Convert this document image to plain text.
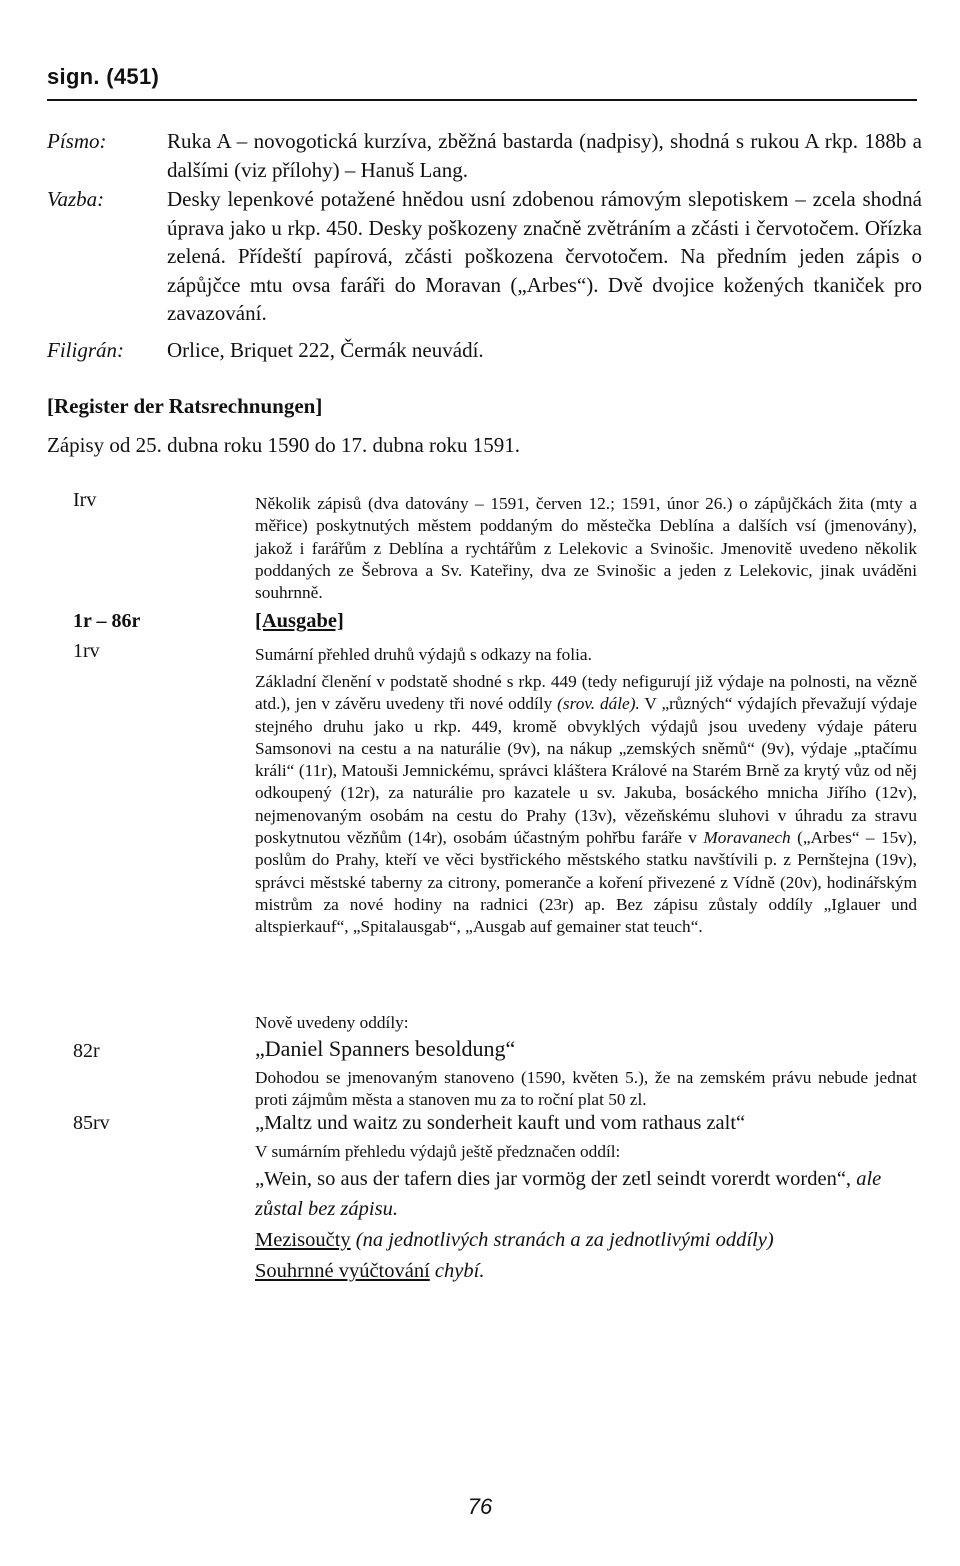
sign. (451)
Písmo:	Ruka A – novogotická kurzíva, zběžná bastarda (nadpisy), shodná s rukou A rkp. 188b a dalšími (viz přílohy) – Hanuš Lang.
Vazba:	Desky lepenkové potažené hnědou usní zdobenou rámovým slepotiskem – zcela shodná úprava jako u rkp. 450. Desky poškozeny značně zvětráním a zčásti i červotočem. Ořízka zelená. Přídeští papírová, zčásti poškozena červotočem. Na předním jeden zápis o zápůjčce mtu ovsa faráři do Moravan („Arbes“). Dvě dvojice kožených tkaniček pro zavazování.
Filigrán: Orlice, Briquet 222, Čermák neuvádí.
[Register der Ratsrechnungen]
Zápisy od 25. dubna roku 1590 do 17. dubna roku 1591.
Irv	Několik zápisů (dva datovány – 1591, červen 12.; 1591, únor 26.) o zápůjčkách žita (mty a měřice) poskytnutých městem poddaným do městečka Deblína a dalších vsí (jmenovány), jakož i farářům z Deblína a rychtářům z Lelekovic a Svinošic. Jmenovitě uvedeno několik poddaných ze Šebrova a Sv. Kateřiny, dva ze Svinošic a jeden z Lelekovic, jinak uváděni souhrnně.
1r – 86r	[Ausgabe]
1rv	Sumární přehled druhů výdajů s odkazy na folia.
Základní členění v podstatě shodné s rkp. 449 (tedy nefigurují již výdaje na polnosti, na vězně atd.), jen v závěru uvedeny tři nové oddíly (srov. dále). V „různých“ výdajích převažují výdaje stejného druhu jako u rkp. 449, kromě obvyklých výdajů jsou uvedeny výdaje páteru Samsonovi na cestu a na naturálie (9v), na nákup „zemských sněmů“ (9v), výdaje „ptačímu králi“ (11r), Matouši Jemnickému, správci kláštera Králové na Starém Brně za krytý vůz od něj odkoupený (12r), za naturálie pro kazatele u sv. Jakuba, bosáckého mnicha Jiřího (12v), nejmenovaným osobám na cestu do Prahy (13v), vězeňskému sluhovi v úhradu za stravu poskytnutou vězňům (14r), osobám účastným pohřbu faráře v Moravanech („Arbes“ – 15v), poslům do Prahy, kteří ve věci bystřického městského statku navštívili p. z Pernštejna (19v), správci městské taberny za citrony, pomeranče a koření přivezené z Vídně (20v), hodinářským mistrům za nové hodiny na radnici (23r) ap. Bez zápisu zůstaly oddíly „Iglauer und altspierkauf“, „Spitalausgab“, „Ausgab auf gemainer stat teuch“.
Nově uvedeny oddíly:
82r	„Daniel Spanners besoldung“
Dohodou se jmenovaným stanoveno (1590, květen 5.), že na zemském právu nebude jednat proti zájmům města a stanoven mu za to roční plat 50 zl.
85rv	„Maltz und waitz zu sonderheit kauft und vom rathaus zalt“
V sumárním přehledu výdajů ještě předznačen oddíl:
„Wein, so aus der tafern dies jar vormög der zetl seindt vorerdt worden“, ale zůstal bez zápisu.
Mezisoučty (na jednotlivých stranách a za jednotlivými oddíly)
Souhrnné vyúčtování chybí.
76
